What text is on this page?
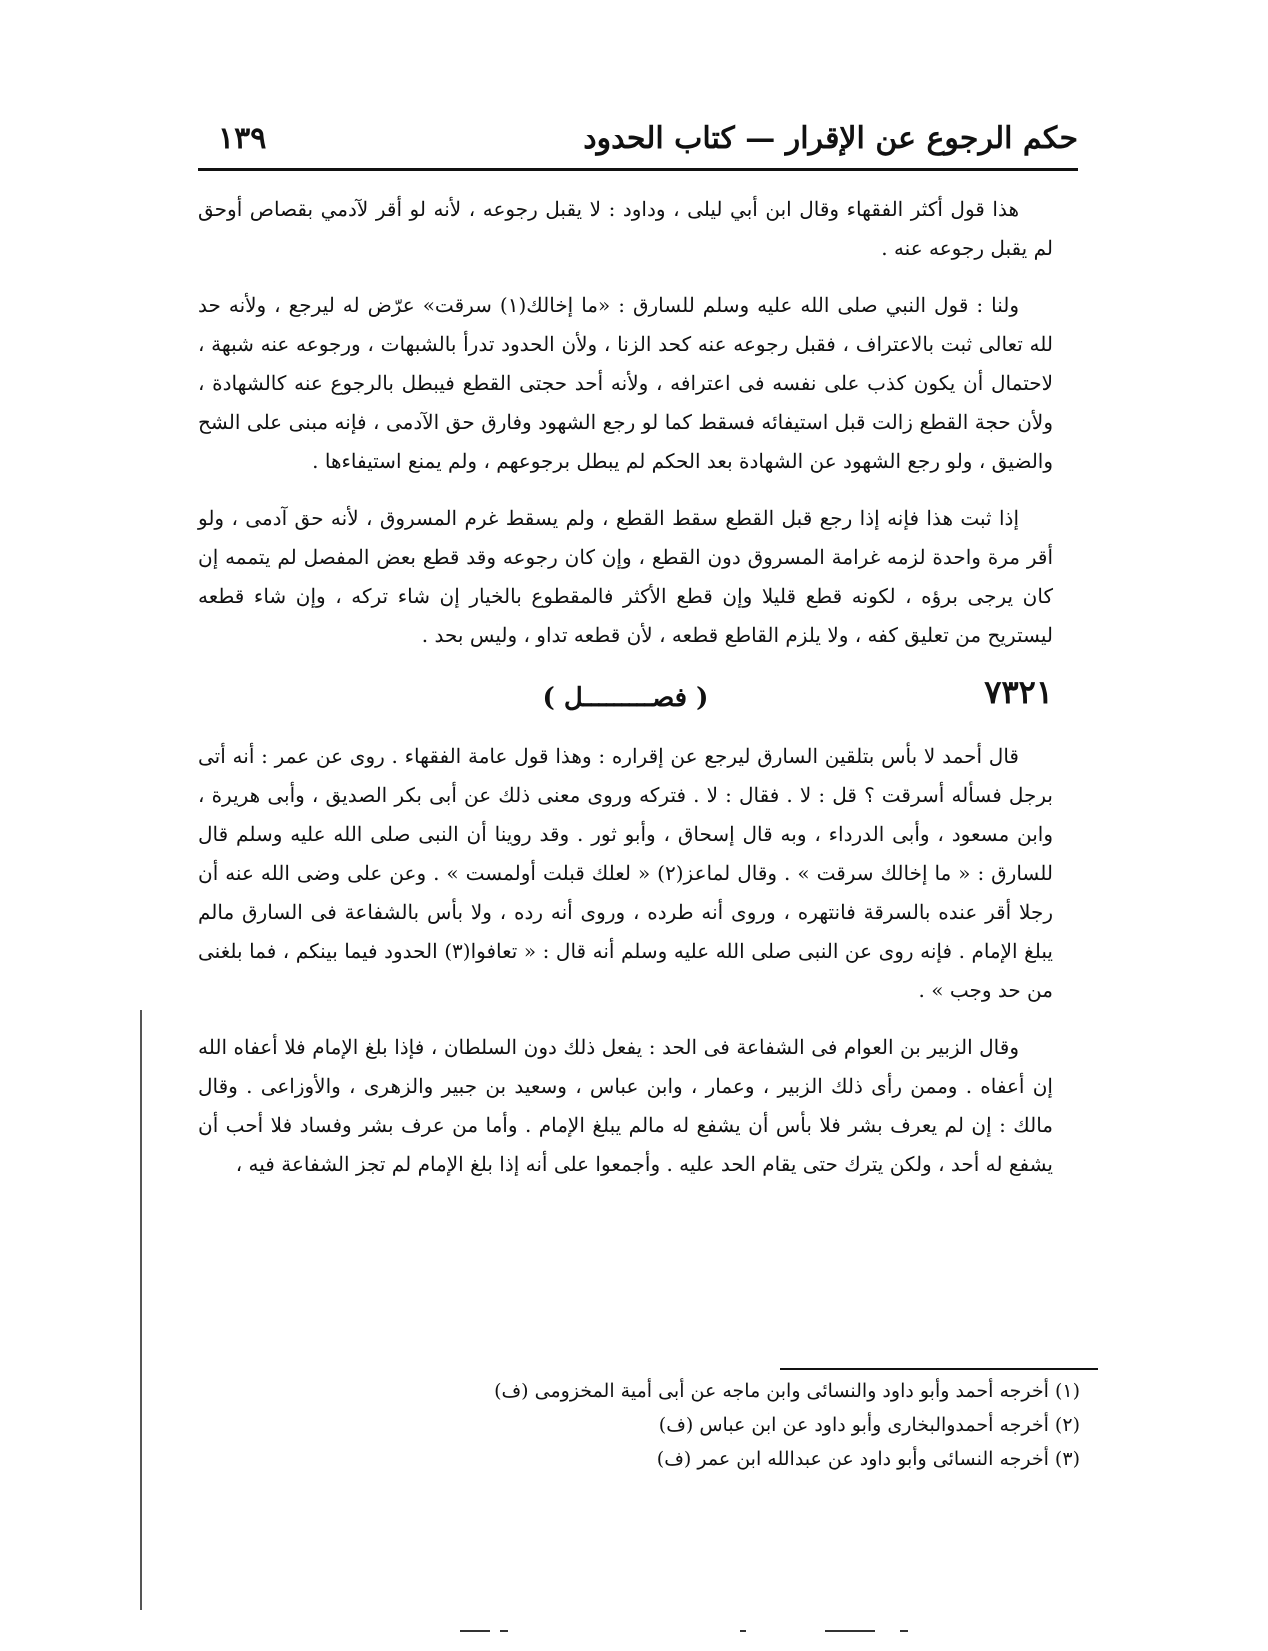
حكم الرجوع عن الإقرار — كتاب الحدود
١٣٩

هذا قول أكثر الفقهاء وقال ابن أبي ليلى ، وداود : لا يقبل رجوعه ، لأنه لو أقر لآدمي بقصاص أوحق لم يقبل رجوعه عنه .

ولنا : قول النبي صلى الله عليه وسلم للسارق : «ما إخالك(١) سرقت» عرّض له ليرجع ، ولأنه حد لله تعالى ثبت بالاعتراف ، فقبل رجوعه عنه كحد الزنا ، ولأن الحدود تدرأ بالشبهات ، ورجوعه عنه شبهة ، لاحتمال أن يكون كذب على نفسه فى اعترافه ، ولأنه أحد حجتى القطع فيبطل بالرجوع عنه كالشهادة ، ولأن حجة القطع زالت قبل استيفائه فسقط كما لو رجع الشهود وفارق حق الآدمى ، فإنه مبنى على الشح والضيق ، ولو رجع الشهود عن الشهادة بعد الحكم لم يبطل برجوعهم ، ولم يمنع استيفاءها .

إذا ثبت هذا فإنه إذا رجع قبل القطع سقط القطع ، ولم يسقط غرم المسروق ، لأنه حق آدمى ، ولو أقر مرة واحدة لزمه غرامة المسروق دون القطع ، وإن كان رجوعه وقد قطع بعض المفصل لم يتممه إن كان يرجى برؤه ، لكونه قطع قليلا وإن قطع الأكثر فالمقطوع بالخيار إن شاء تركه ، وإن شاء قطعه ليستريح من تعليق كفه ، ولا يلزم القاطع قطعه ، لأن قطعه تداو ، وليس بحد .

٧٣٢١
( فصـــــــــل )

قال أحمد لا بأس بتلقين السارق ليرجع عن إقراره : وهذا قول عامة الفقهاء . روى عن عمر : أنه أتى برجل فسأله أسرقت ؟ قل : لا . فقال : لا . فتركه وروى معنى ذلك عن أبى بكر الصديق ، وأبى هريرة ، وابن مسعود ، وأبى الدرداء ، وبه قال إسحاق ، وأبو ثور . وقد روينا أن النبى صلى الله عليه وسلم قال للسارق : « ما إخالك سرقت » . وقال لماعز(٢) « لعلك قبلت أولمست » . وعن على وضى الله عنه أن رجلا أقر عنده بالسرقة فانتهره ، وروى أنه طرده ، وروى أنه رده ، ولا بأس بالشفاعة فى السارق مالم يبلغ الإمام . فإنه روى عن النبى صلى الله عليه وسلم أنه قال : « تعافوا(٣) الحدود فيما بينكم ، فما بلغنى من حد وجب » .

وقال الزبير بن العوام فى الشفاعة فى الحد : يفعل ذلك دون السلطان ، فإذا بلغ الإمام فلا أعفاه الله إن أعفاه . وممن رأى ذلك الزبير ، وعمار ، وابن عباس ، وسعيد بن جبير والزهرى ، والأوزاعى . وقال مالك : إن لم يعرف بشر فلا بأس أن يشفع له مالم يبلغ الإمام . وأما من عرف بشر وفساد فلا أحب أن يشفع له أحد ، ولكن يترك حتى يقام الحد عليه . وأجمعوا على أنه إذا بلغ الإمام لم تجز الشفاعة فيه ،

(١) أخرجه أحمد وأبو داود والنسائى وابن ماجه عن أبى أمية المخزومى (ف)

(٢) أخرجه أحمدوالبخارى وأبو داود عن ابن عباس (ف)

(٣) أخرجه النسائى وأبو داود عن عبدالله ابن عمر (ف)
